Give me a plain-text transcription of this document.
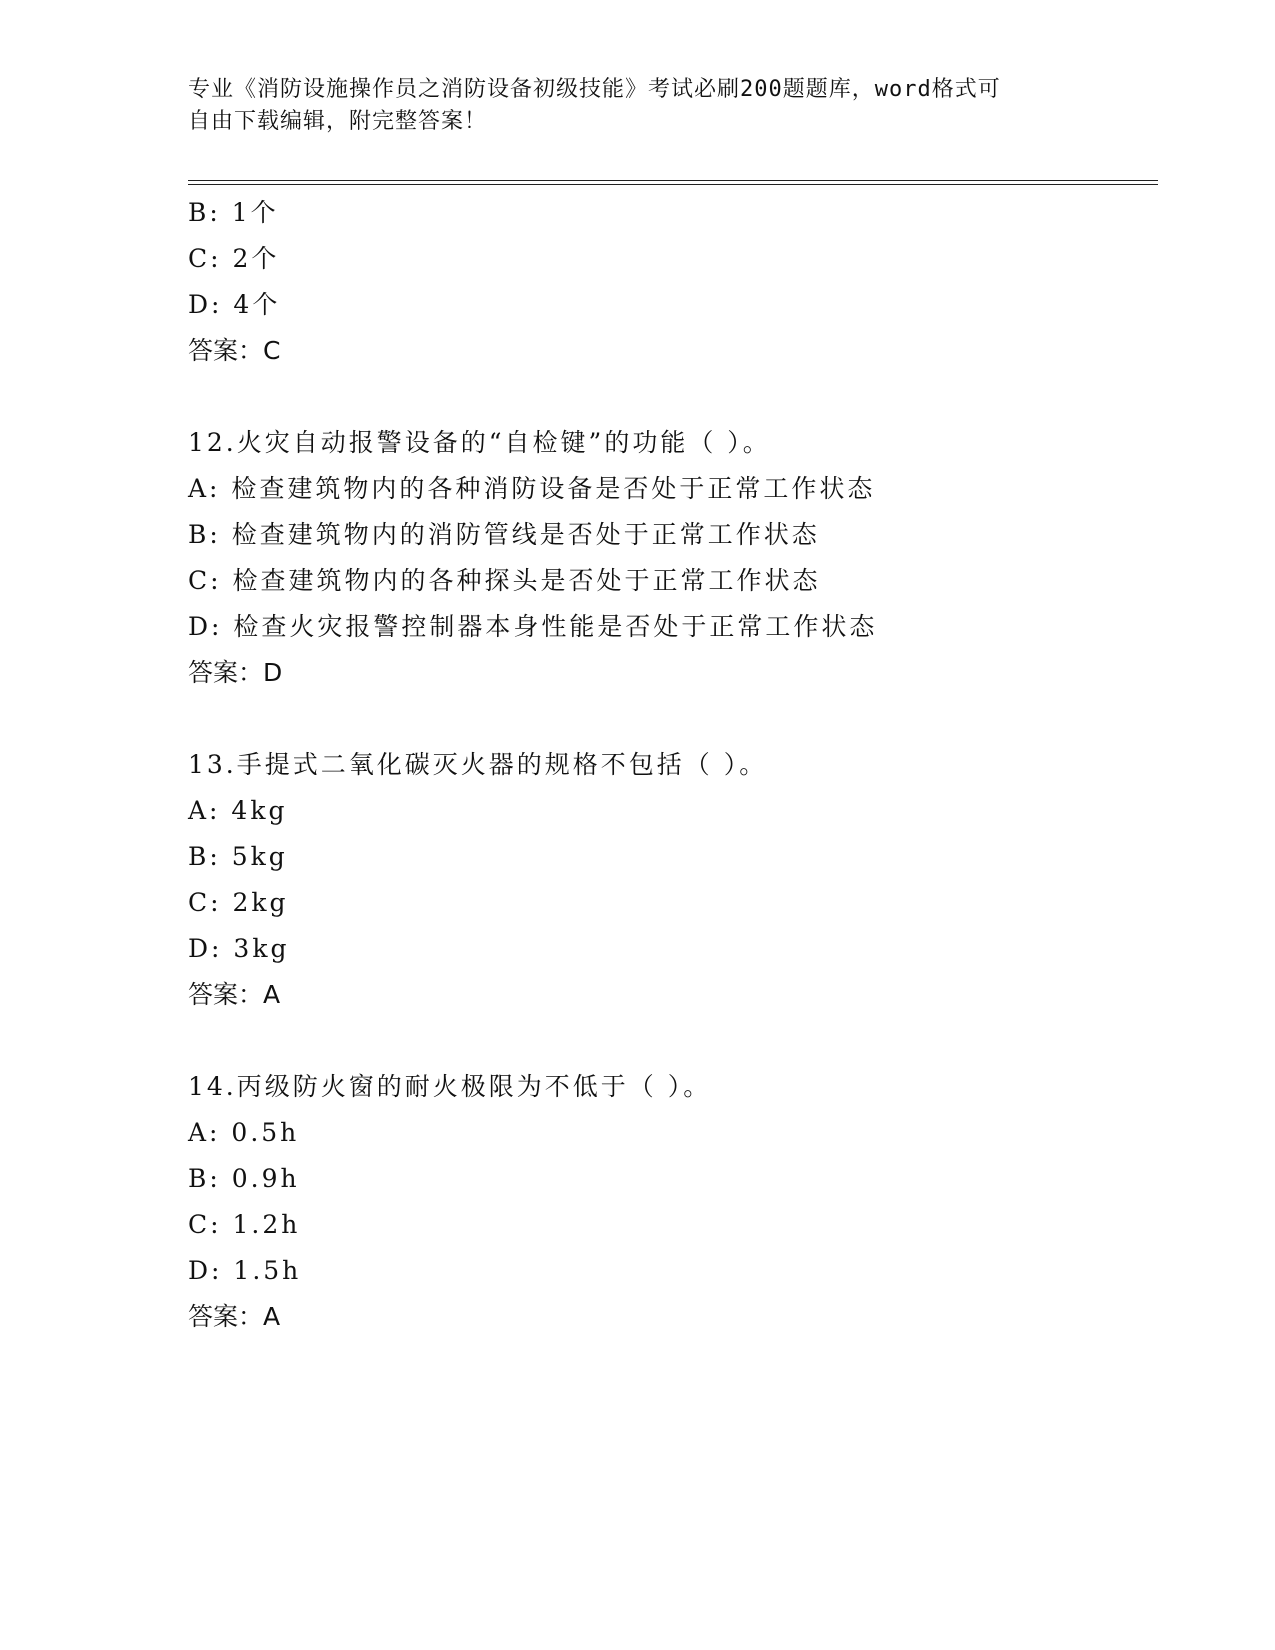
专业《消防设施操作员之消防设备初级技能》考试必刷200题题库，word格式可
自由下载编辑，附完整答案！
B: 1个
C: 2个
D: 4个
答案：C
12.火灾自动报警设备的“自检键”的功能（ ）。
A: 检查建筑物内的各种消防设备是否处于正常工作状态
B: 检查建筑物内的消防管线是否处于正常工作状态
C: 检查建筑物内的各种探头是否处于正常工作状态
D: 检查火灾报警控制器本身性能是否处于正常工作状态
答案：D
13.手提式二氧化碳灭火器的规格不包括（ ）。
A: 4kg
B: 5kg
C: 2kg
D: 3kg
答案：A
14.丙级防火窗的耐火极限为不低于（ ）。
A: 0.5h
B: 0.9h
C: 1.2h
D: 1.5h
答案：A
